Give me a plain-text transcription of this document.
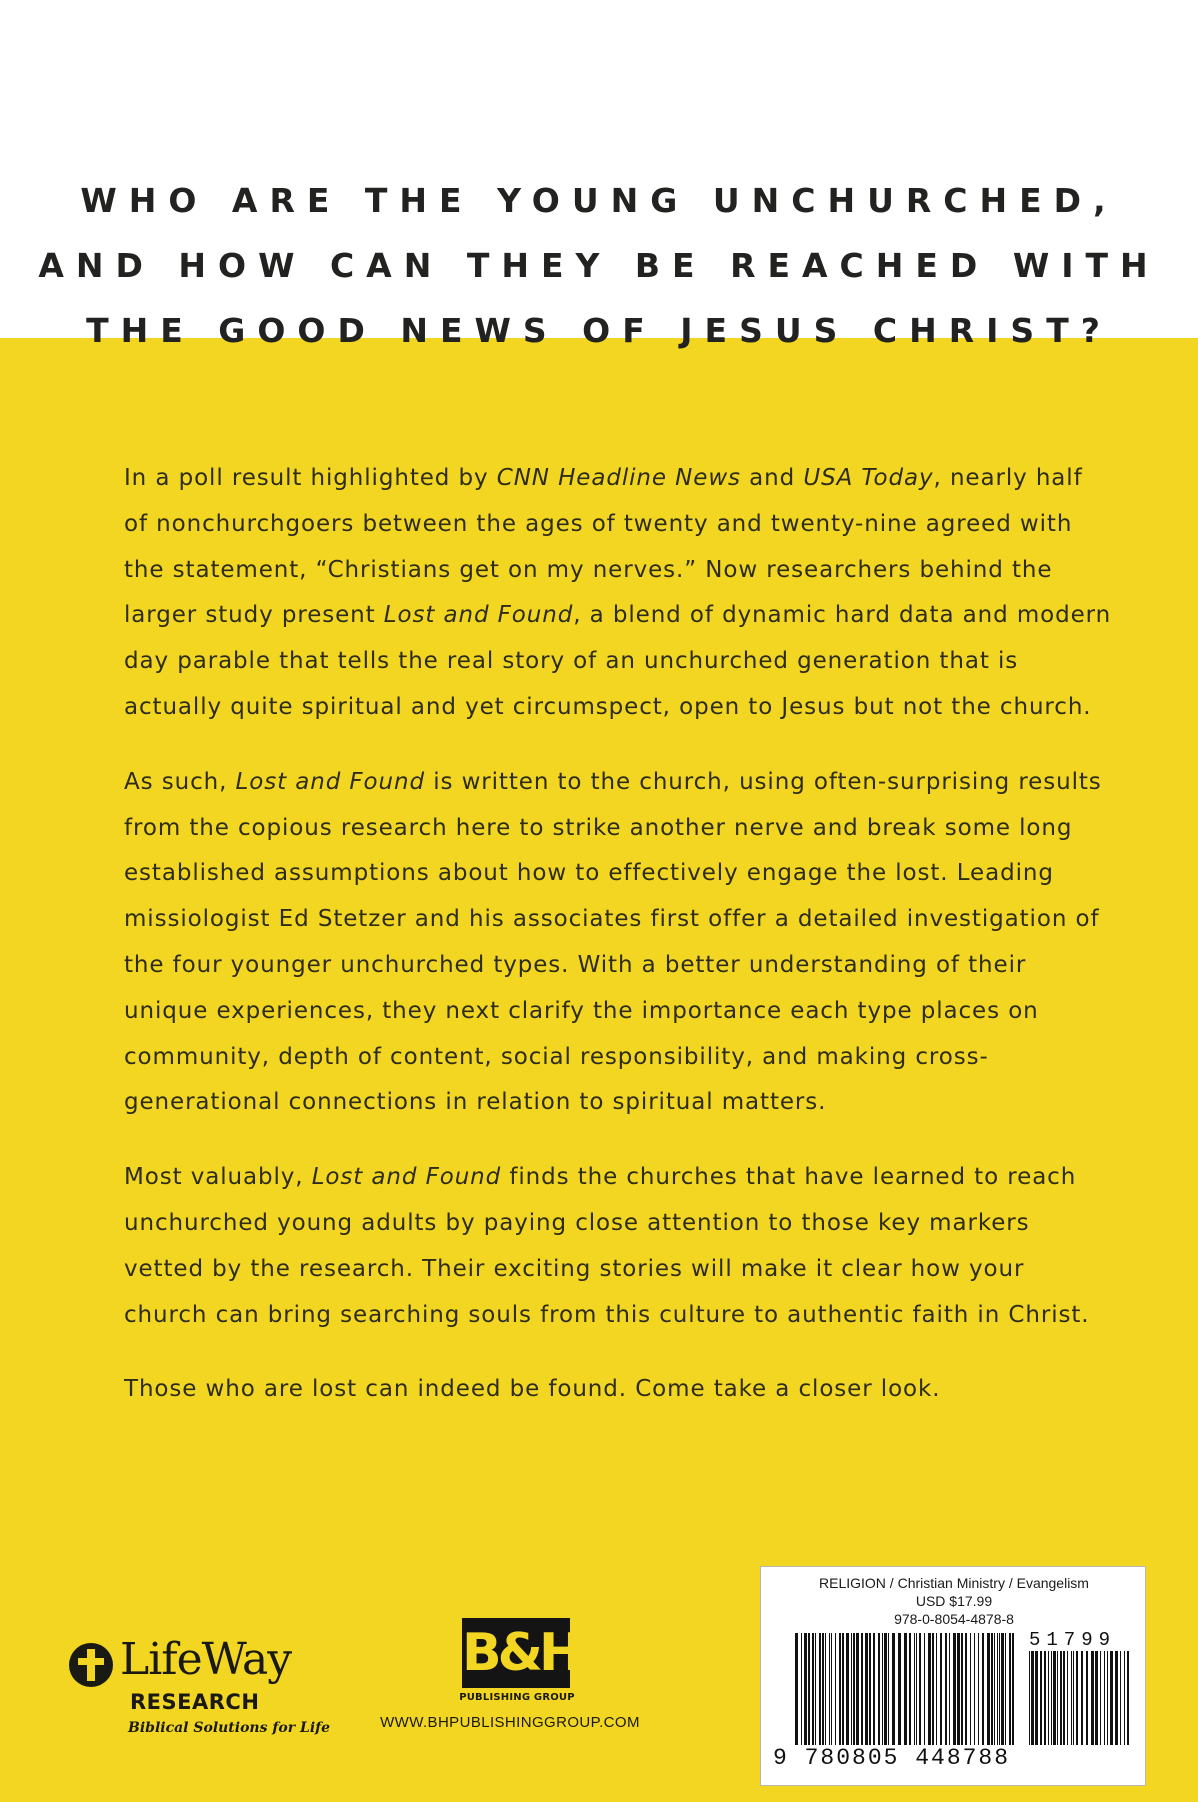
WHO ARE THE YOUNG UNCHURCHED,
AND HOW CAN THEY BE REACHED WITH
THE GOOD NEWS OF JESUS CHRIST?

In a poll result highlighted by CNN Headline News and USA Today, nearly half of nonchurchgoers between the ages of twenty and twenty-nine agreed with the statement, “Christians get on my nerves.” Now researchers behind the larger study present Lost and Found, a blend of dynamic hard data and modern day parable that tells the real story of an unchurched generation that is actually quite spiritual and yet circumspect, open to Jesus but not the church.

As such, Lost and Found is written to the church, using often-surprising results from the copious research here to strike another nerve and break some long established assumptions about how to effectively engage the lost. Leading missiologist Ed Stetzer and his associates first offer a detailed investigation of the four younger unchurched types. With a better understanding of their unique experiences, they next clarify the importance each type places on community, depth of content, social responsibility, and making cross-generational connections in relation to spiritual matters.

Most valuably, Lost and Found finds the churches that have learned to reach unchurched young adults by paying close attention to those key markers vetted by the research. Their exciting stories will make it clear how your church can bring searching souls from this culture to authentic faith in Christ.

Those who are lost can indeed be found. Come take a closer look.

LifeWay
RESEARCH
Biblical Solutions for Life
B&H
PUBLISHING GROUP
WWW.BHPUBLISHINGGROUP.COM
RELIGION / Christian Ministry / Evangelism
USD $17.99
978-0-8054-4878-8
51799
9 780805 448788
